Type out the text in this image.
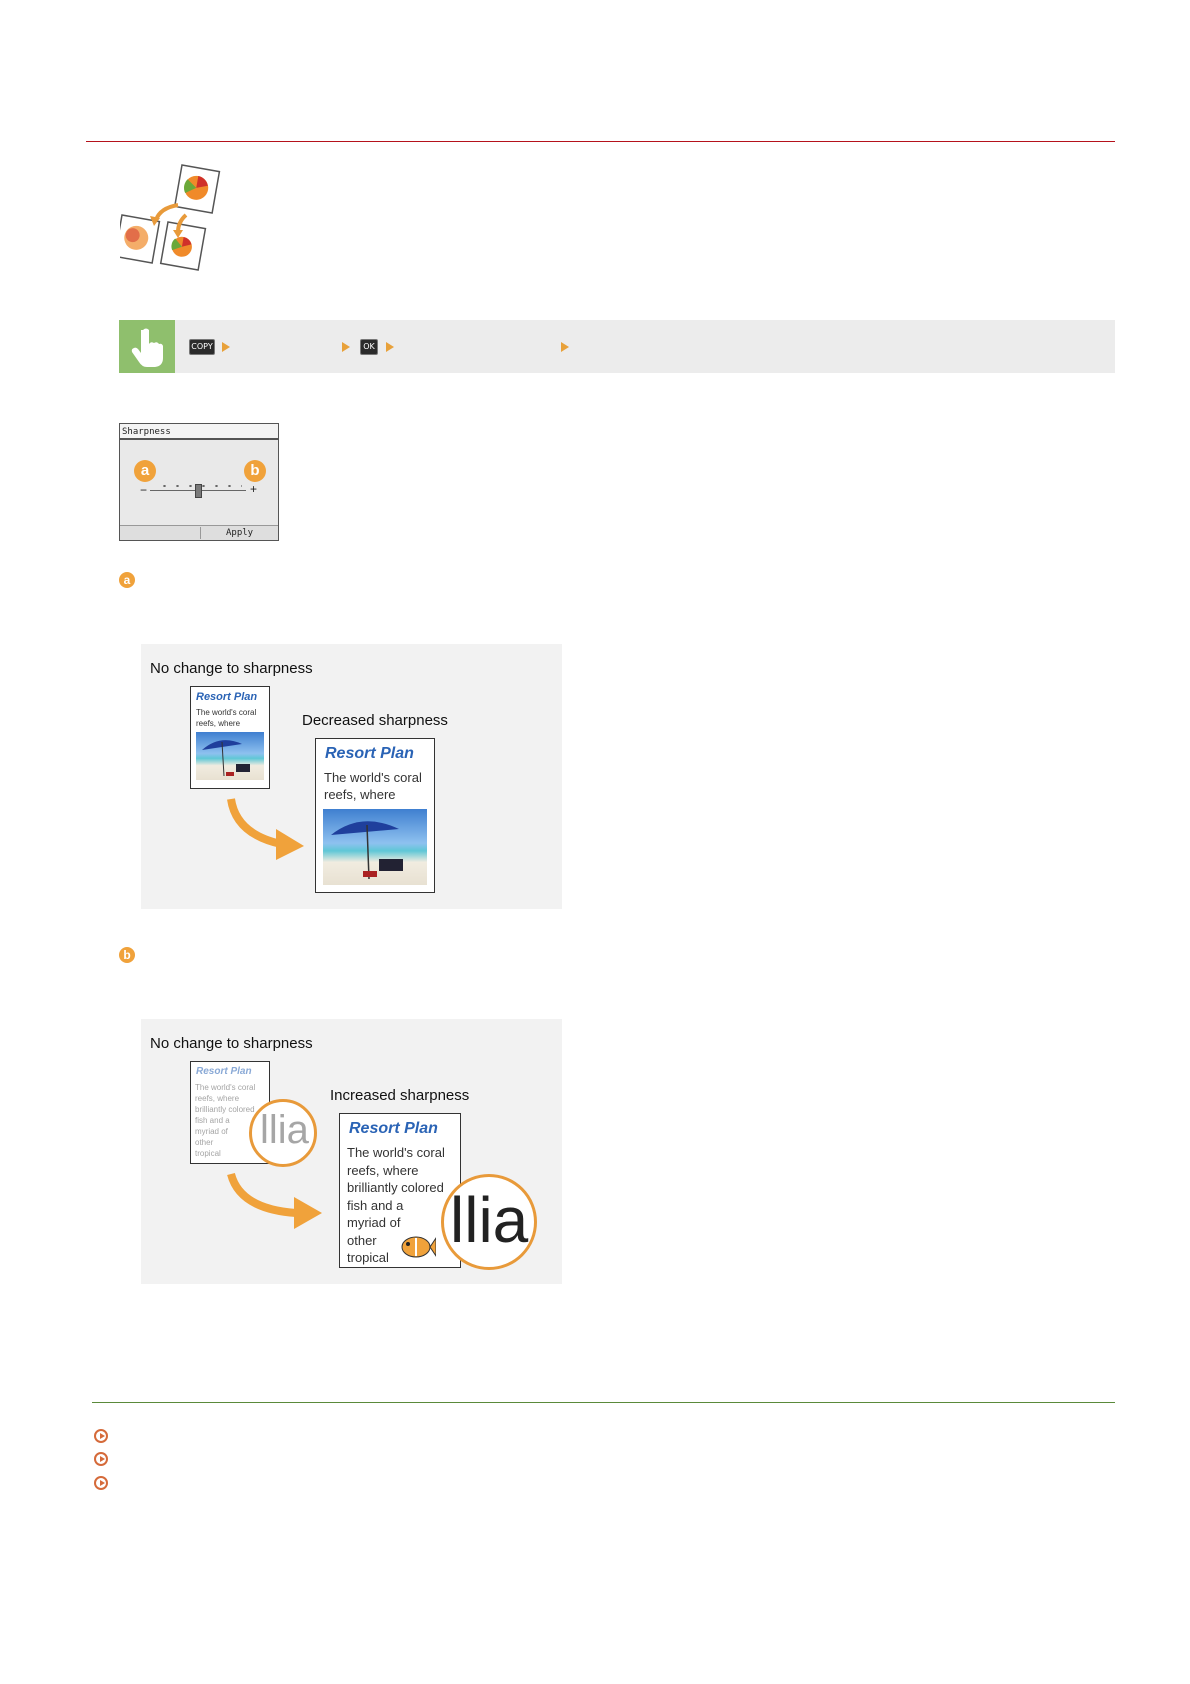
COPY	OK
Sharpness
a	b
−	+
Apply
a
No change to sharpness
Resort Plan
The world's coral
reefs, where	Decreased sharpness
Resort Plan
The world's coral
reefs, where
b
No change to sharpness
Resort Plan
The world's coral
reefs, where
brilliantly colored
fish and a
myriad of
other
tropical
llia
Increased sharpness
Resort Plan
The world's coral
reefs, where
brilliantly colored
fish and a
myriad of
other
tropical
llia
